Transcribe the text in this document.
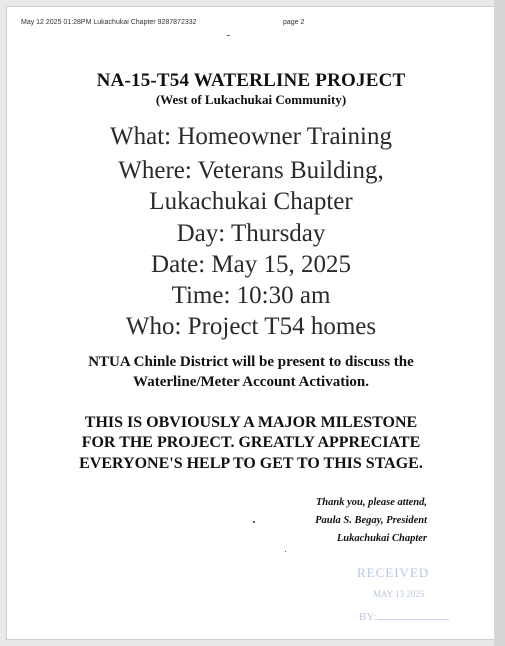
May 12 2025 01:28PM Lukachukai Chapter 9287872332	page 2
NA-15-T54 WATERLINE PROJECT
(West of Lukachukai Community)
What: Homeowner Training
Where: Veterans Building,
Lukachukai Chapter
Day: Thursday
Date: May 15, 2025
Time: 10:30 am
Who: Project T54 homes
NTUA Chinle District will be present to discuss the
Waterline/Meter Account Activation.
THIS IS OBVIOUSLY A MAJOR MILESTONE
FOR THE PROJECT. GREATLY APPRECIATE
EVERYONE'S HELP TO GET TO THIS STAGE.
Thank you, please attend,
Paula S. Begay, President
Lukachukai Chapter
RECEIVED
MAY 13 2025
BY:
